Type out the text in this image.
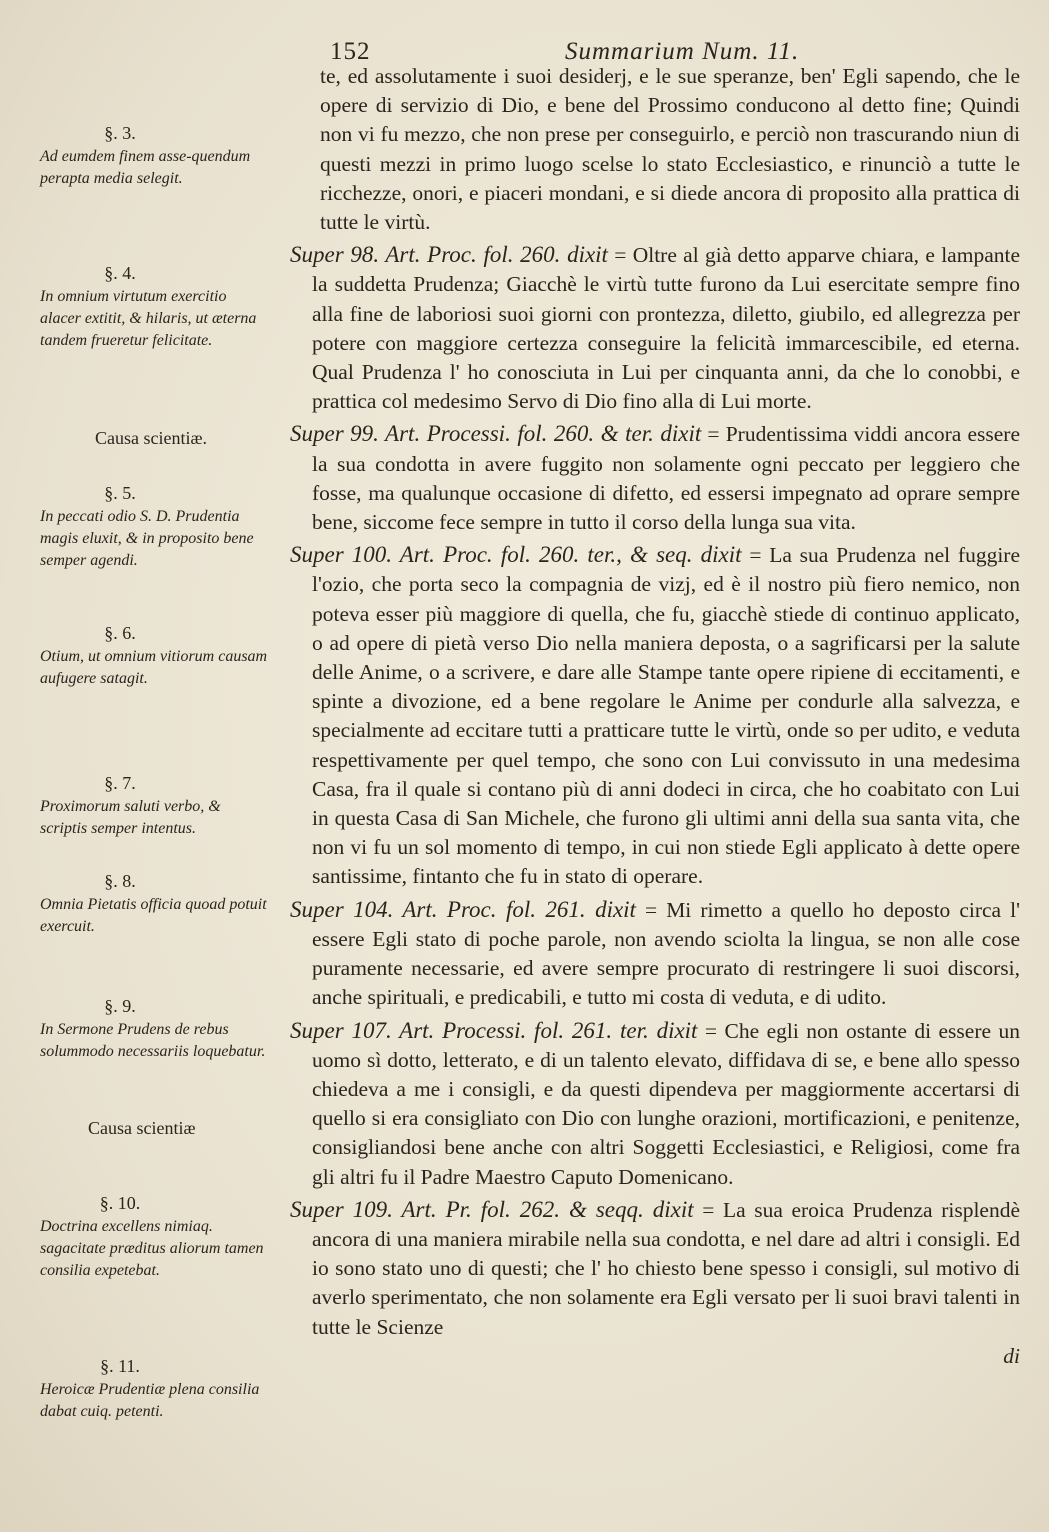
152	Summarium Num. 11.
§. 3.
Ad eumdem finem asse-quendum perapta media selegit.
§. 4.
In omnium virtutum exercitio alacer extitit, & hilaris, ut æterna tandem frueretur felicitate.
Causa scientiæ.
§. 5.
In peccati odio S. D. Prudentia magis eluxit, & in proposito bene semper agendi.
§. 6.
Otium, ut omnium vitiorum causam aufugere satagit.
§. 7.
Proximorum saluti verbo, & scriptis semper intentus.
§. 8.
Omnia Pietatis officia quoad potuit exercuit.
§. 9.
In Sermone Prudens de rebus solummodo necessariis loquebatur.
Causa scientiæ
§. 10.
Doctrina excellens nimiaq. sagacitate præditus aliorum tamen consilia expetebat.
§. 11.
Heroicæ Prudentiæ plena consilia dabat cuiq. petenti.

te, ed assolutamente i suoi desiderj, e le sue speranze, ben' Egli sapendo, che le opere di servizio di Dio, e bene del Prossimo conducono al detto fine; Quindi non vi fu mezzo, che non prese per conseguirlo, e perciò non trascurando niun di questi mezzi in primo luogo scelse lo stato Ecclesiastico, e rinunciò a tutte le ricchezze, onori, e piaceri mondani, e si diede ancora di proposito alla prattica di tutte le virtù.

Super 98. Art. Proc. fol. 260. dixit = Oltre al già detto apparve chiara, e lampante la suddetta Prudenza; Giacchè le virtù tutte furono da Lui esercitate sempre fino alla fine de laboriosi suoi giorni con prontezza, diletto, giubilo, ed allegrezza per potere con maggiore certezza conseguire la felicità immarcescibile, ed eterna. Qual Prudenza l' ho conosciuta in Lui per cinquanta anni, da che lo conobbi, e prattica col medesimo Servo di Dio fino alla di Lui morte.

Super 99. Art. Processi. fol. 260. & ter. dixit = Prudentissima viddi ancora essere la sua condotta in avere fuggito non solamente ogni peccato per leggiero che fosse, ma qualunque occasione di difetto, ed essersi impegnato ad oprare sempre bene, siccome fece sempre in tutto il corso della lunga sua vita.

Super 100. Art. Proc. fol. 260. ter., & seq. dixit = La sua Prudenza nel fuggire l'ozio, che porta seco la compagnia de vizj, ed è il nostro più fiero nemico, non poteva esser più maggiore di quella, che fu, giacchè stiede di continuo applicato, o ad opere di pietà verso Dio nella maniera deposta, o a sagrificarsi per la salute delle Anime, o a scrivere, e dare alle Stampe tante opere ripiene di eccitamenti, e spinte a divozione, ed a bene regolare le Anime per condurle alla salvezza, e specialmente ad eccitare tutti a pratticare tutte le virtù, onde so per udito, e veduta respettivamente per quel tempo, che sono con Lui convissuto in una medesima Casa, fra il quale si contano più di anni dodeci in circa, che ho coabitato con Lui in questa Casa di San Michele, che furono gli ultimi anni della sua santa vita, che non vi fu un sol momento di tempo, in cui non stiede Egli applicato à dette opere santissime, fintanto che fu in stato di operare.

Super 104. Art. Proc. fol. 261. dixit = Mi rimetto a quello ho deposto circa l' essere Egli stato di poche parole, non avendo sciolta la lingua, se non alle cose puramente necessarie, ed avere sempre procurato di restringere li suoi discorsi, anche spirituali, e predicabili, e tutto mi costa di veduta, e di udito.

Super 107. Art. Processi. fol. 261. ter. dixit = Che egli non ostante di essere un uomo sì dotto, letterato, e di un talento elevato, diffidava di se, e bene allo spesso chiedeva a me i consigli, e da questi dipendeva per maggiormente accertarsi di quello si era consigliato con Dio con lunghe orazioni, mortificazioni, e penitenze, consigliandosi bene anche con altri Soggetti Ecclesiastici, e Religiosi, come fra gli altri fu il Padre Maestro Caputo Domenicano.

Super 109. Art. Pr. fol. 262. & seqq. dixit = La sua eroica Prudenza risplendè ancora di una maniera mirabile nella sua condotta, e nel dare ad altri i consigli. Ed io sono stato uno di questi; che l' ho chiesto bene spesso i consigli, sul motivo di averlo sperimentato, che non solamente era Egli versato per li suoi bravi talenti in tutte le Scienze

di
